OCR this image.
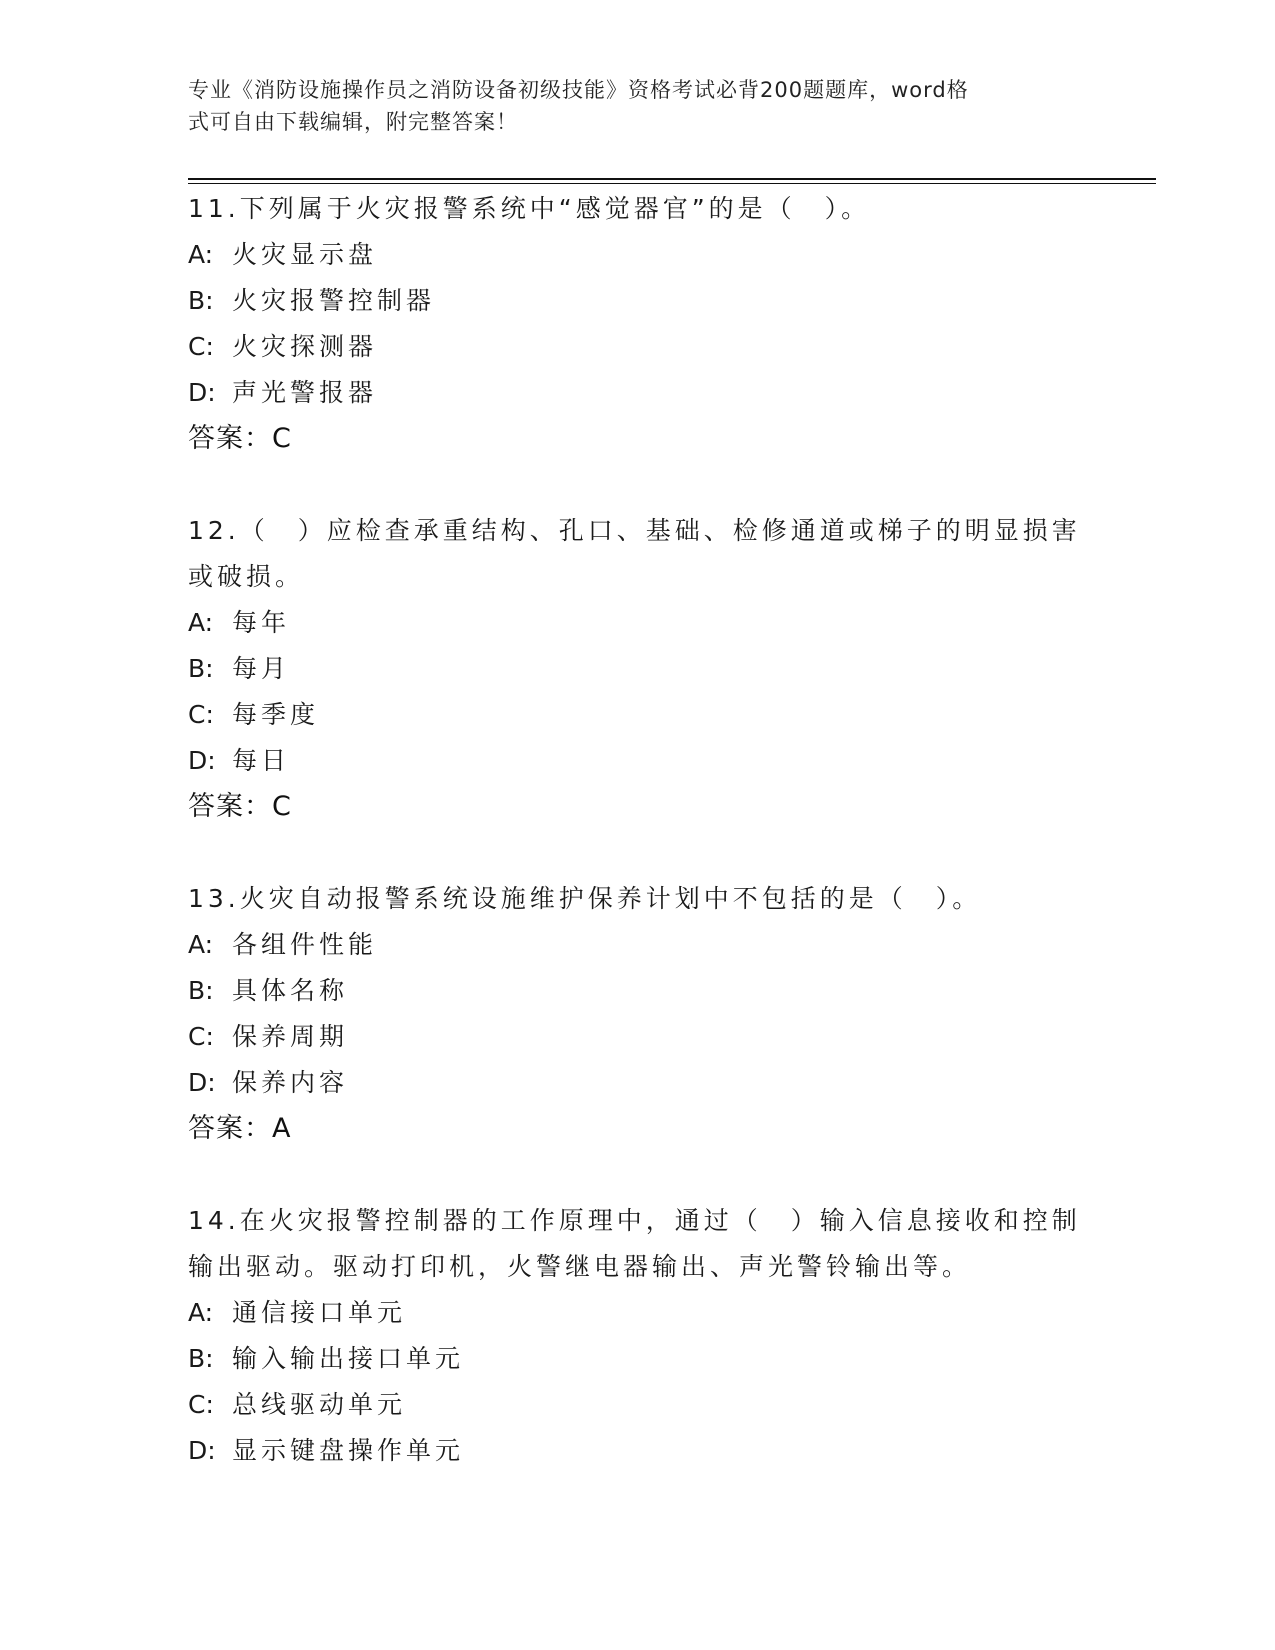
专业《消防设施操作员之消防设备初级技能》资格考试必背200题题库，word格
式可自由下载编辑，附完整答案！

11.下列属于火灾报警系统中“感觉器官”的是（　）。

A: 火灾显示盘

B: 火灾报警控制器

C: 火灾探测器

D: 声光警报器

答案：C

12.（　）应检查承重结构、孔口、基础、检修通道或梯子的明显损害
或破损。

A: 每年

B: 每月

C: 每季度

D: 每日

答案：C

13.火灾自动报警系统设施维护保养计划中不包括的是（　）。

A: 各组件性能

B: 具体名称

C: 保养周期

D: 保养内容

答案：A

14.在火灾报警控制器的工作原理中，通过（　）输入信息接收和控制
输出驱动。驱动打印机，火警继电器输出、声光警铃输出等。

A: 通信接口单元

B: 输入输出接口单元

C: 总线驱动单元

D: 显示键盘操作单元
